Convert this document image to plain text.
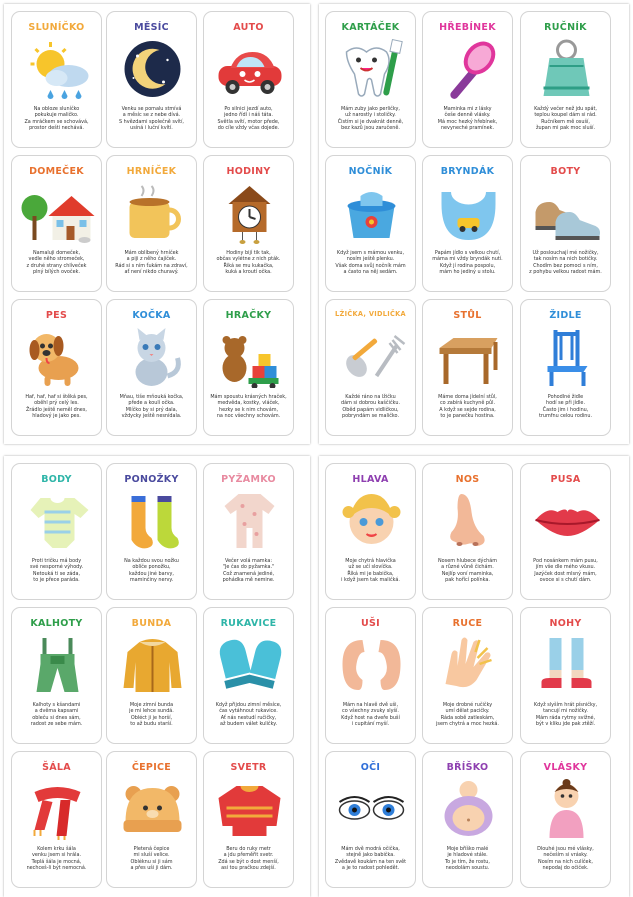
SLUNÍČKO
Na obloze sluníčko
pokukuje maličko.
Za mráčkem se schovává,
prostor dešti nechává.
MĚSÍC
Venku se pomalu stmívá
a měsíc se z nebe dívá.
S hvězdami společně svítí,
usíná i luční kvítí.
AUTO
Po silnici jezdí auto,
jedno řídí i náš táta.
Světla svítí, motor přede,
do cíle vždy včas dojede.
KARTÁČEK
Mám zuby jako perličky,
už narostly i stoličky.
Čistím si je dvakrát denně,
bez kazů jsou zaručeně.
HŘEBÍNEK
Maminka mi z lásky
češe denně vlásky.
Má moc hezký hřebínek,
nevyneché pramínek.
RUČNÍK
Každý večer než jdu spát,
teplou koupel dám si rád.
Ručníkem mě osuší,
župan mi pak moc sluší.
DOMEČEK
Namaluji domeček,
vedle něho stromeček,
z druhé strany chlíveček
plný bílých ovoček.
HRNÍČEK
Mám oblíbený hrníček
a piji z něho čajíček.
Rád si s ním ťukám na zdraví,
ať není nikdo churavý.
HODINY
Hodiny bijí tik tak,
občas vylétne z nich pták.
Říká se mu kukačka,
kuká a kroutí očka.
NOČNÍK
Když jsem s mámou venku,
nosím ještě plenku.
Však doma svůj nočník mám
a často na něj sedám.
BRYNDÁK
Papám jídlo s velkou chutí,
máma mi vždy bryndák nutí.
Když jí rodina pospolu,
mám ho jediný u stolu.
BOTY
Už poslouchají mé nožičky,
tak nosím na nich botičky.
Chodím bez pomoci s ním,
z pohybu velkou radost mám.
PES
Haf, haf, haf si štěká pes,
oběhl prý celý les.
Žrádlo ještě neměl dnes,
hladový je jako pes.
KOČKA
Mňau, tiše mňouká kočka,
přede a koulí očka.
Mlíčko by si prý dala,
vždycky ještě nesnídala.
HRAČKY
Mám spoustu krásných hraček,
medvěda, kostky, vláček,
hezky se k nim chovám,
na noc všechny schovám.
LŽIČKA, VIDLIČKA
Každé ráno na lžičku
dám si dobrou kaščičku.
Oběd papám vidličkou,
pobryndám se maličko.
STŮL
Máme doma jídelní stůl,
co zabírá kuchyně půl.
A když se sejde rodina,
to je panečku hostina.
ŽIDLE
Pohodlné židle
hodí se při jídle.
Často jim i hodinu,
trumfnu celou rodinu.
BODY
Proti tričku má body
své nesporné výhody.
Netouká ti se záda,
to je přece paráda.
PONOŽKY
Na každou svou nožku
oblíče ponožku,
každou jiné barvy,
maminčiny nervy.
PYŽAMKO
Večer volá mamka:
"Je čas do pyžamka."
Což znamená jediné,
pohádka mě nemine.
HLAVA
Moje chytrá hlavička
už se učí slovíčka.
Říká mi je babička,
i když jsem tak maličká.
NOS
Nosem hlubece dýchám
a různé vůně čichám.
Nejlíp voní maminka,
pak hořící polínka.
PUSA
Pod nosánkem mám pusu,
jím vše dle mého vkusu.
Jazýček dost mlsný mám,
ovoce si s chutí dám.
KALHOTY
Kalhoty s kšandami
a dvěma kapsami
obleču si dnes sám,
radost ze sebe mám.
BUNDA
Moje zimní bunda
je mi lehce sundá.
Obléct ji je horší,
to až budu starší.
RUKAVICE
Když přijdou zimní měsíce,
čas vytáhnout rukavice.
Ať nás nestudí ručičky,
až budem válet kuličky.
UŠI
Mám na hlavě dvě uši,
co všechny zvuky slyší.
Když host na dveře buší
i cupitání myší.
RUCE
Moje drobné ručičky
umí dělat pacičky.
Ráda sobě zatleskám,
jsem chytrá a moc hezká.
NOHY
Když slyším hrát písničky,
tancují mi nožičky.
Mám ráda rytmy svižné,
být v kliku jde pak ztěží.
ŠÁLA
Kolem krku šála
venku jsem si hrála.
Teplá šála je mocná,
nechceš-li být nemocná.
ČEPICE
Pletená čepice
mi sluší velice.
Obléknu si ji sám
a přes uši ji dám.
SVETR
Beru do ruky metr
a jdu přeměřit svetr.
Zdá se být o dost menší,
asi tou pračkou zdejší.
OČI
Mám dvě modrá očička,
stejně jako babička.
Zvědavě koukám na ten svět
a je to radost pohledět.
BŘÍŠKO
Moje bříško malé
je hladové stále.
To je tím, že rostu,
neodolám soustu.
VLÁSKY
Dlouhé jsou mé vlásky,
nečeším si vrásky.
Nosím na nich culíček,
nepodaj do očiček.
